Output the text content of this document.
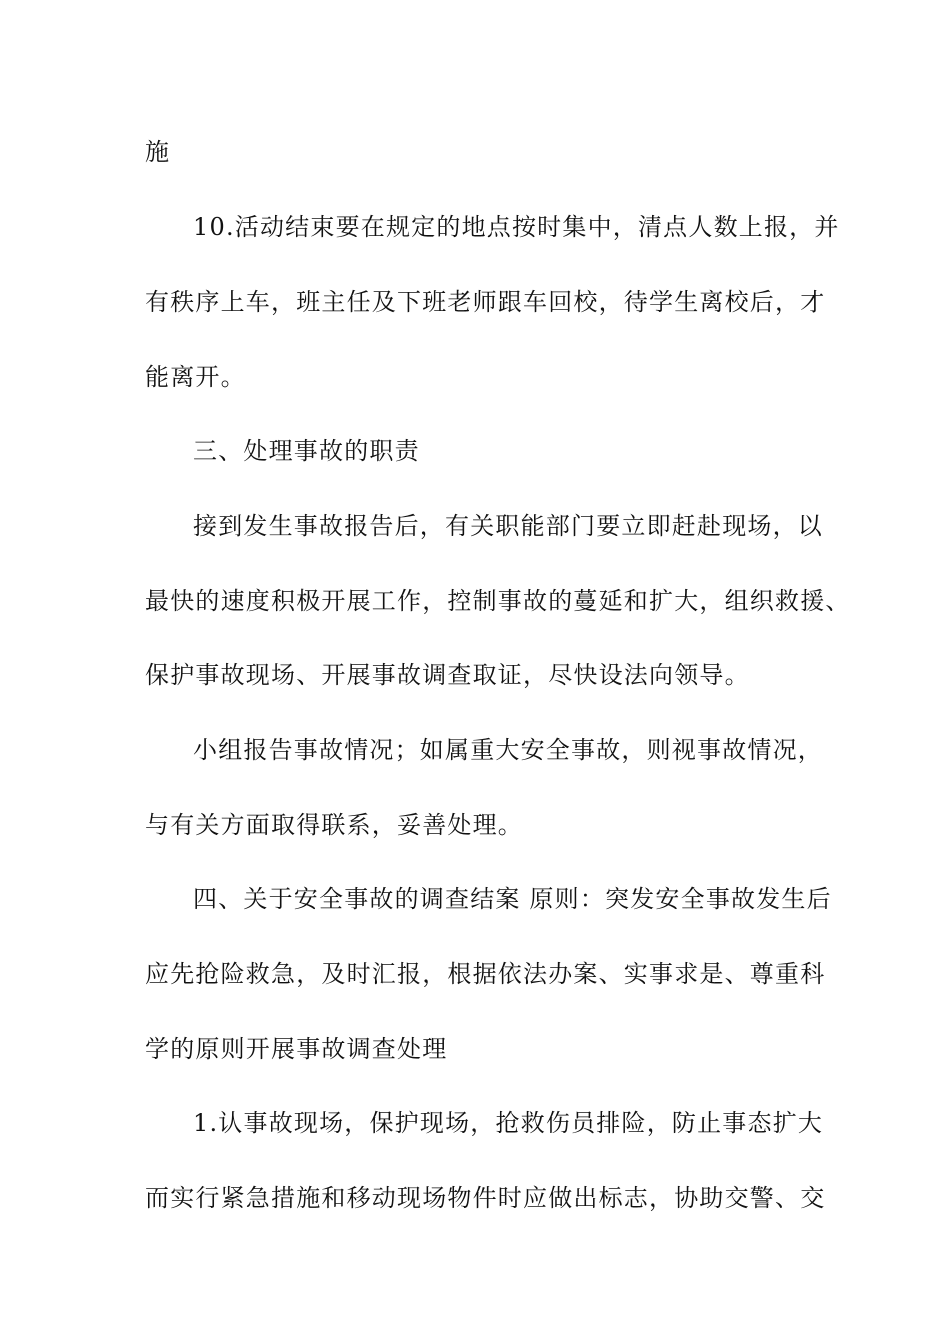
施
10.活动结束要在规定的地点按时集中，清点人数上报，并
有秩序上车，班主任及下班老师跟车回校，待学生离校后，才
能离开。
三、处理事故的职责
接到发生事故报告后，有关职能部门要立即赶赴现场，以
最快的速度积极开展工作，控制事故的蔓延和扩大，组织救援、
保护事故现场、开展事故调查取证，尽快设法向领导。
小组报告事故情况；如属重大安全事故，则视事故情况，
与有关方面取得联系，妥善处理。
四、关于安全事故的调查结案 原则：突发安全事故发生后
应先抢险救急，及时汇报，根据依法办案、实事求是、尊重科
学的原则开展事故调查处理
1.认事故现场，保护现场，抢救伤员排险，防止事态扩大
而实行紧急措施和移动现场物件时应做出标志，协助交警、交
